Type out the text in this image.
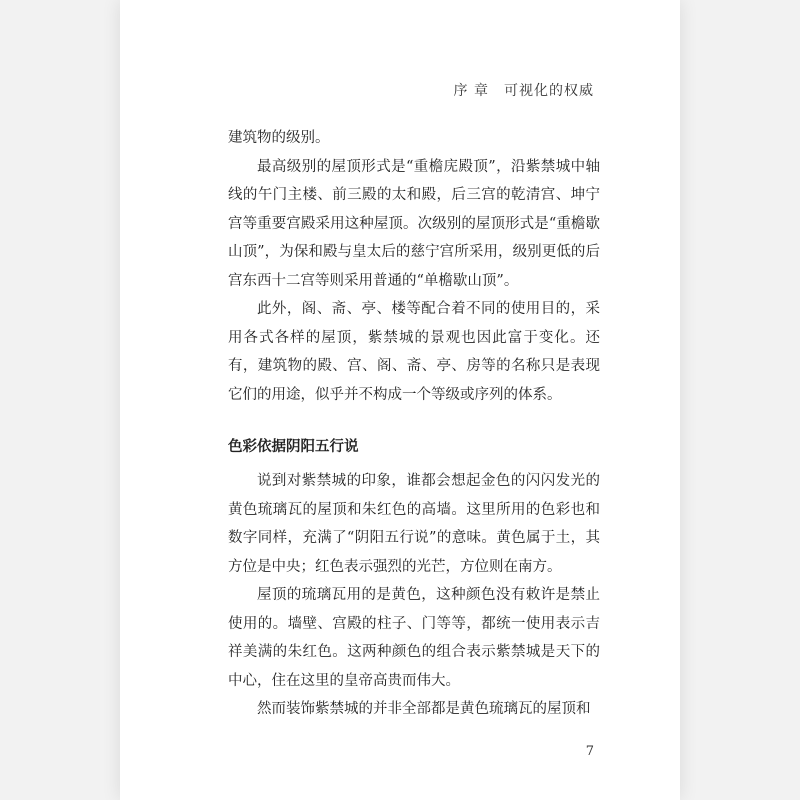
序 章　可视化的权威

建筑物的级别。

最高级别的屋顶形式是“重檐庑殿顶”，沿紫禁城中轴线的午门主楼、前三殿的太和殿，后三宫的乾清宫、坤宁宫等重要宫殿采用这种屋顶。次级别的屋顶形式是“重檐歇山顶”，为保和殿与皇太后的慈宁宫所采用，级别更低的后宫东西十二宫等则采用普通的“单檐歇山顶”。

此外，阁、斋、亭、楼等配合着不同的使用目的，采用各式各样的屋顶，紫禁城的景观也因此富于变化。还有，建筑物的殿、宫、阁、斋、亭、房等的名称只是表现它们的用途，似乎并不构成一个等级或序列的体系。

色彩依据阴阳五行说

说到对紫禁城的印象，谁都会想起金色的闪闪发光的黄色琉璃瓦的屋顶和朱红色的高墙。这里所用的色彩也和数字同样，充满了“阴阳五行说”的意味。黄色属于土，其方位是中央；红色表示强烈的光芒，方位则在南方。

屋顶的琉璃瓦用的是黄色，这种颜色没有敕许是禁止使用的。墙壁、宫殿的柱子、门等等，都统一使用表示吉祥美满的朱红色。这两种颜色的组合表示紫禁城是天下的中心，住在这里的皇帝高贵而伟大。

然而装饰紫禁城的并非全部都是黄色琉璃瓦的屋顶和

7
